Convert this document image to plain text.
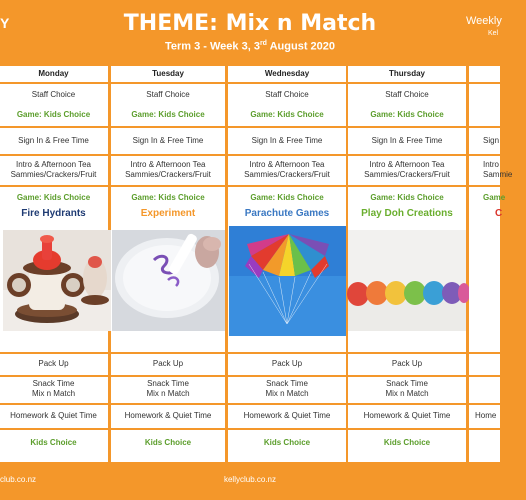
Y	THEME: Mix n Match
Term 3 - Week 3, 3rd August 2020
Weekly
Kel
Monday
Staff Choice
Game: Kids Choice
Sign In & Free Time
Intro & Afternoon Tea
Sammies/Crackers/Fruit
Game: Kids Choice
Fire Hydrants
Pack Up
Snack Time
Mix n Match
Homework & Quiet Time
Kids Choice
Tuesday
Staff Choice
Game: Kids Choice
Sign In & Free Time
Intro & Afternoon Tea
Sammies/Crackers/Fruit
Game: Kids Choice
Experiment
Pack Up
Snack Time
Mix n Match
Homework & Quiet Time
Kids Choice
Wednesday
Staff Choice
Game: Kids Choice
Sign In & Free Time
Intro & Afternoon Tea
Sammies/Crackers/Fruit
Game: Kids Choice
Parachute Games
Pack Up
Snack Time
Mix n Match
Homework & Quiet Time
Kids Choice
Thursday
Staff Choice
Game: Kids Choice
Sign In & Free Time
Intro & Afternoon Tea
Sammies/Crackers/Fruit
Game: Kids Choice
Play Doh Creations
Pack Up
Snack Time
Mix n Match
Homework & Quiet Time
Kids Choice
Sign
Intro
Sammie
Game
C
Home
club.co.nz	kellyclub.co.nz
